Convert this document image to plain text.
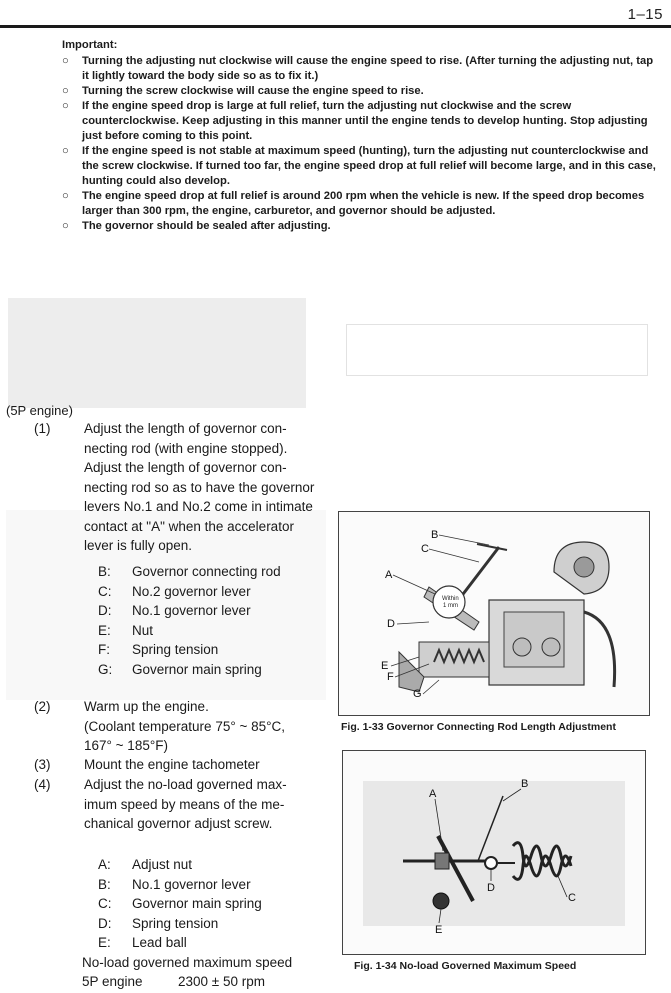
1–15
Important:
○ Turning the adjusting nut clockwise will cause the engine speed to rise. (After turning the adjusting nut, tap it lightly toward the body side so as to fix it.)
○ Turning the screw clockwise will cause the engine speed to rise.
○ If the engine speed drop is large at full relief, turn the adjusting nut clockwise and the screw counterclockwise. Keep adjusting in this manner until the engine tends to develop hunting. Stop adjusting just before coming to this point.
○ If the engine speed is not stable at maximum speed (hunting), turn the adjusting nut counterclockwise and the screw clockwise. If turned too far, the engine speed drop at full relief will become large, and in this case, hunting could also develop.
○ The engine speed drop at full relief is around 200 rpm when the vehicle is new. If the speed drop becomes larger than 300 rpm, the engine, carburetor, and governor should be adjusted.
○ The governor should be sealed after adjusting.
(5P engine)
(1) Adjust the length of governor con-
necting rod (with engine stopped).
Adjust the length of governor con-
necting rod so as to have the governor
levers No.1 and No.2 come in intimate
contact at "A" when the accelerator
lever is fully open.
B: Governor connecting rod
C: No.2 governor lever
D: No.1 governor lever
E: Nut
F: Spring tension
G: Governor main spring
(2) Warm up the engine.
(Coolant temperature 75° ~ 85°C,
167° ~ 185°F)
(3) Mount the engine tachometer
(4) Adjust the no-load governed max-
imum speed by means of the me-
chanical governor adjust screw.
A: Adjust nut
B: No.1 governor lever
C: Governor main spring
D: Spring tension
E: Lead ball
No-load governed maximum speed
5P engine	2300 ± 50 rpm
Within
1 mm
B
C
A
D
E
F
G
Fig. 1-33 Governor Connecting Rod Length Adjustment
A
B
C
D
E
Fig. 1-34 No-load Governed Maximum Speed
